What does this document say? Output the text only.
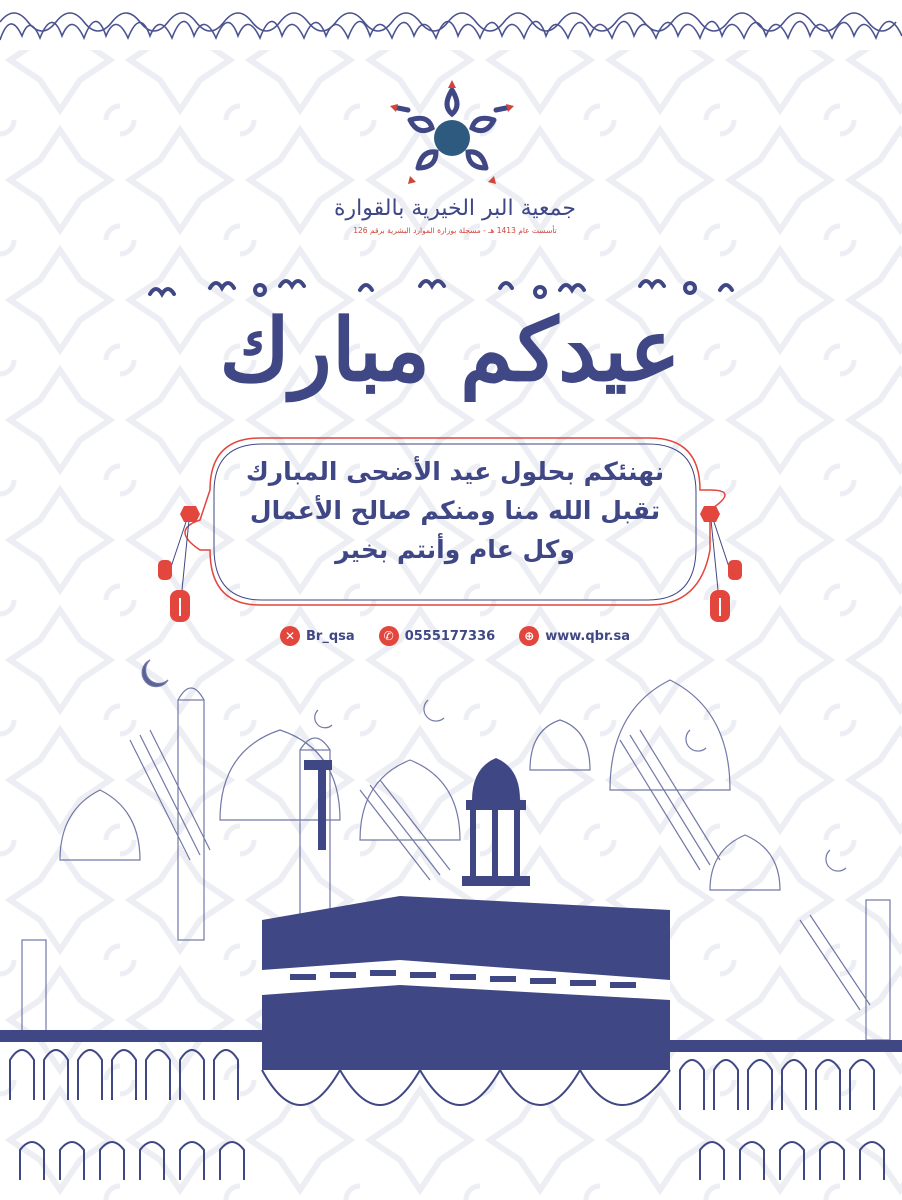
جمعية البر الخيرية بالقوارة
تأسست عام 1413 هـ - مسجلة بوزارة الموارد البشرية برقم 126
عيدكم مبارك
نهنئكم بحلول عيد الأضحى المبارك
تقبل الله منا ومنكم صالح الأعمال
وكل عام وأنتم بخير
✕ Br_qsa	✆ 0555177336	⊕ www.qbr.sa
